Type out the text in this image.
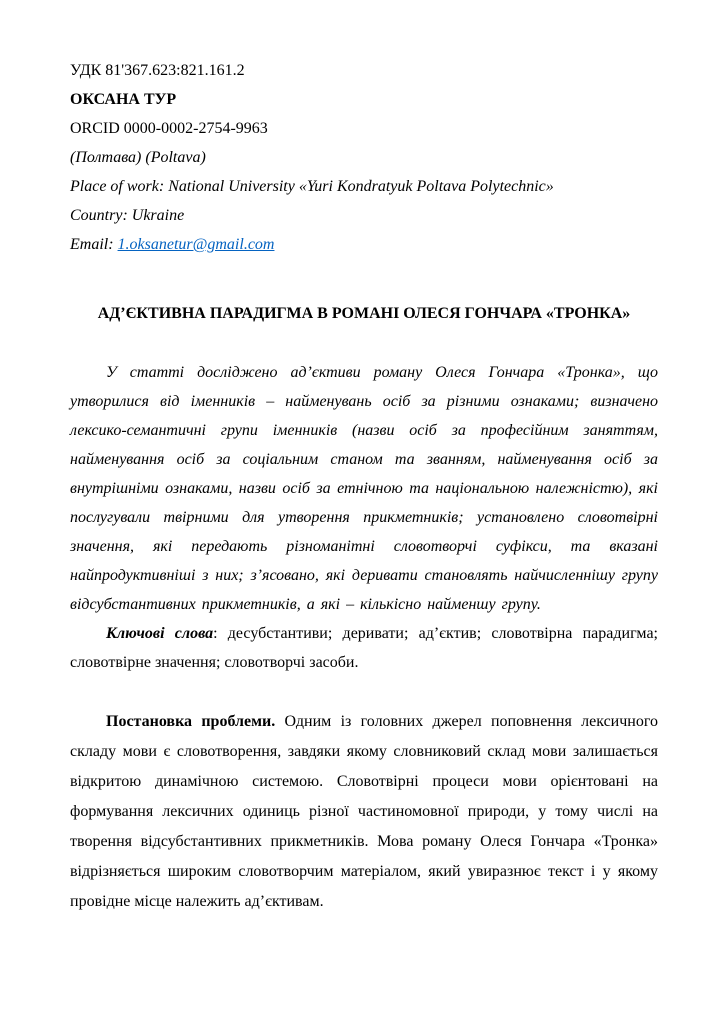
УДК 81'367.623:821.161.2

ОКСАНА ТУР

ORCID 0000-0002-2754-9963

(Полтава) (Poltava)

Place of work: National University «Yuri Kondratyuk Poltava Polytechnic»

Country: Ukraine

Email: 1.oksanetur@gmail.com

АД’ЄКТИВНА ПАРАДИГМА В РОМАНІ ОЛЕСЯ ГОНЧАРА «ТРОНКА»

У статті досліджено ад’єктиви роману Олеся Гончара «Тронка», що утворилися від іменників – найменувань осіб за різними ознаками; визначено лексико-семантичні групи іменників (назви осіб за професійним заняттям, найменування осіб за соціальним станом та званням, найменування осіб за внутрішніми ознаками, назви осіб за етнічною та національною належністю), які послугували твірними для утворення прикметників; установлено словотвірні значення, які передають різноманітні словотворчі суфікси, та вказані найпродуктивніші з них; з’ясовано, які деривати становлять найчисленнішу групу відсубстантивних прикметників, а які – кількісно найменшу групу.

Ключові слова: десубстантиви; деривати; ад’єктив; словотвірна парадигма; словотвірне значення; словотворчі засоби.

Постановка проблеми. Одним із головних джерел поповнення лексичного складу мови є словотворення, завдяки якому словниковий склад мови залишається відкритою динамічною системою. Словотвірні процеси мови орієнтовані на формування лексичних одиниць різної частиномовної природи, у тому числі на творення відсубстантивних прикметників. Мова роману Олеся Гончара «Тронка» відрізняється широким словотворчим матеріалом, який увиразнює текст і у якому провідне місце належить ад’єктивам.
